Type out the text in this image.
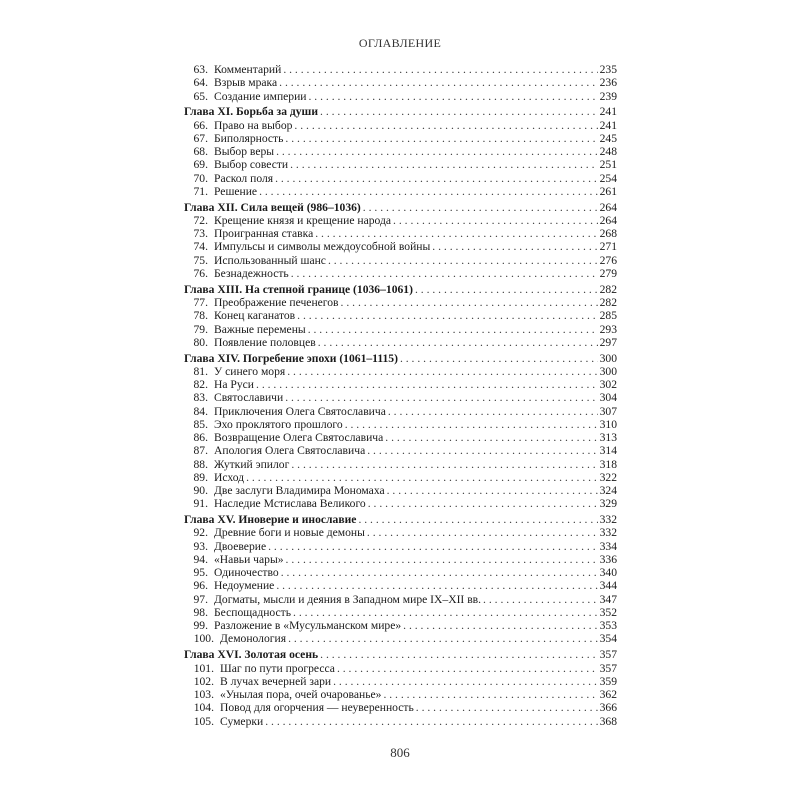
ОГЛАВЛЕНИЕ
63. Комментарий . . .	235
64. Взрыв мрака . . .	236
65. Создание империи . . .	239
Глава XI. Борьба за души . . .	241
66. Право на выбор . . .	241
67. Биполярность . . .	245
68. Выбор веры . . .	248
69. Выбор совести . . .	251
70. Раскол поля . . .	254
71. Решение . . .	261
Глава XII. Сила вещей (986–1036) . . .	264
72. Крещение князя и крещение народа . . .	264
73. Проигранная ставка . . .	268
74. Импульсы и символы междоусобной войны . . .	271
75. Использованный шанс . . .	276
76. Безнадежность . . .	279
Глава XIII. На степной границе (1036–1061) . . .	282
77. Преображение печенегов . . .	282
78. Конец каганатов . . .	285
79. Важные перемены . . .	293
80. Появление половцев . . .	297
Глава XIV. Погребение эпохи (1061–1115) . . .	300
81. У синего моря . . .	300
82. На Руси . . .	302
83. Святославичи . . .	304
84. Приключения Олега Святославича . . .	307
85. Эхо проклятого прошлого . . .	310
86. Возвращение Олега Святославича . . .	313
87. Апология Олега Святославича . . .	314
88. Жуткий эпилог . . .	318
89. Исход . . .	322
90. Две заслуги Владимира Мономаха . . .	324
91. Наследие Мстислава Великого . . .	329
Глава XV. Иноверие и инославие . . .	332
92. Древние боги и новые демоны . . .	332
93. Двоеверие . . .	334
94. «Навьи чары» . . .	336
95. Одиночество . . .	340
96. Недоумение . . .	344
97. Догматы, мысли и деяния в Западном мире IX–XII вв. . . .	347
98. Беспощадность . . .	352
99. Разложение в «Мусульманском мире» . . .	353
100. Демонология . . .	354
Глава XVI. Золотая осень . . .	357
101. Шаг по пути прогресса . . .	357
102. В лучах вечерней зари . . .	359
103. «Унылая пора, очей очарованье» . . .	362
104. Повод для огорчения — неуверенность . . .	366
105. Сумерки . . .	368
806
